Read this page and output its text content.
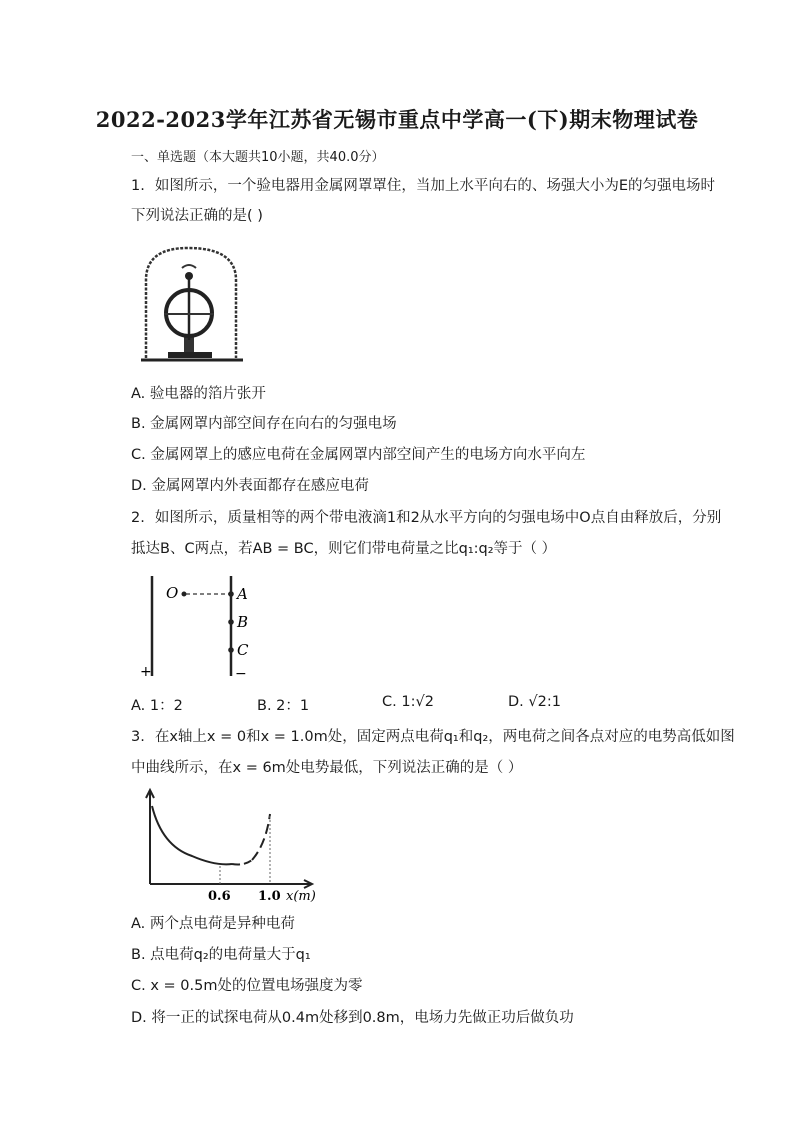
2022-2023学年江苏省无锡市重点中学高一(下)期末物理试卷
一、单选题（本大题共10小题，共40.0分）
1. 如图所示，一个验电器用金属网罩罩住，当加上水平向右的、场强大小为E的匀强电场时
下列说法正确的是( )
A. 验电器的箔片张开
B. 金属网罩内部空间存在向右的匀强电场
C. 金属网罩上的感应电荷在金属网罩内部空间产生的电场方向水平向左
D. 金属网罩内外表面都存在感应电荷
2. 如图所示，质量相等的两个带电液滴1和2从水平方向的匀强电场中O点自由释放后，分别
抵达B、C两点，若AB = BC，则它们带电荷量之比q₁:q₂等于（ ）
O	A
B
C
+	−
A. 1：2	B. 2：1	C. 1:√2	D. √2:1
3. 在x轴上x = 0和x = 1.0m处，固定两点电荷q₁和q₂，两电荷之间各点对应的电势高低如图
中曲线所示，在x = 6m处电势最低，下列说法正确的是（ ）
0.6 1.0 x(m)
A. 两个点电荷是异种电荷
B. 点电荷q₂的电荷量大于q₁
C. x = 0.5m处的位置电场强度为零
D. 将一正的试探电荷从0.4m处移到0.8m，电场力先做正功后做负功
